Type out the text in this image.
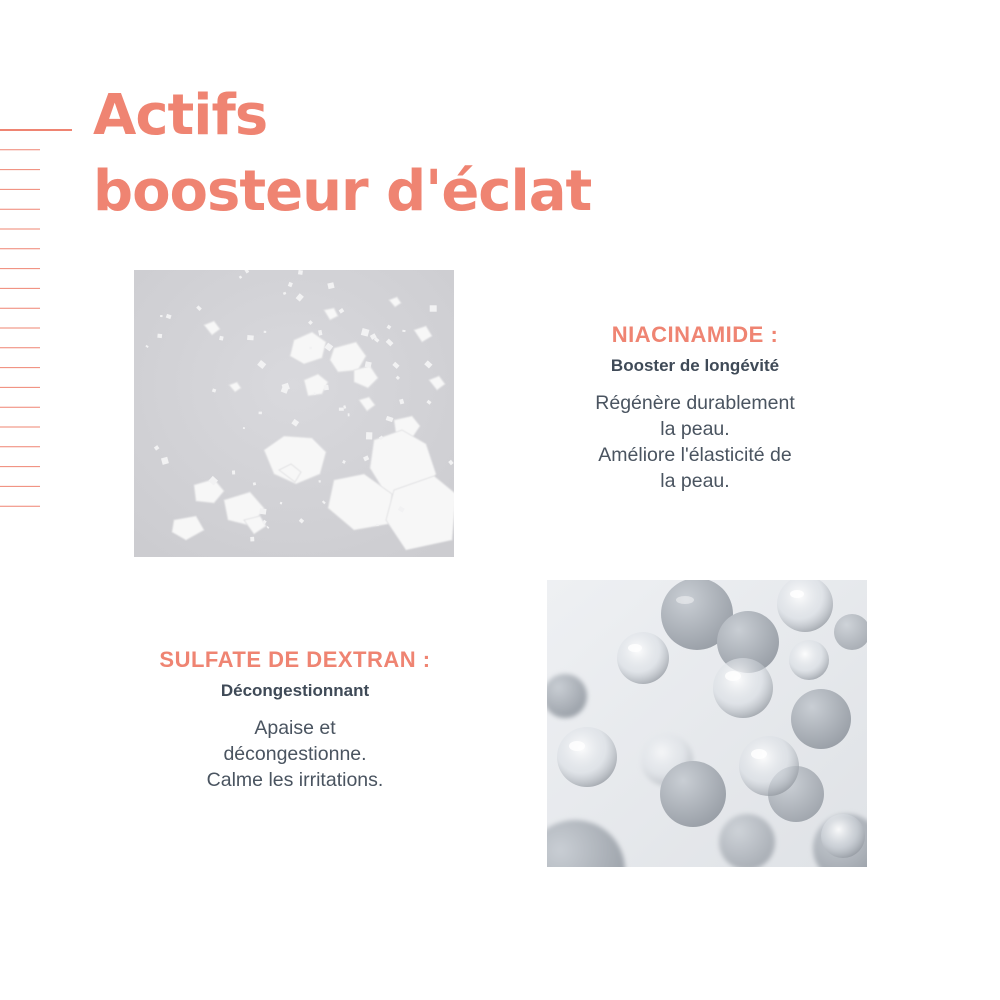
Actifs
boosteur d'éclat
NIACINAMIDE :
Booster de longévité
Régénère durablement
la peau.
Améliore l'élasticité de
la peau.
SULFATE DE DEXTRAN :
Décongestionnant
Apaise et
décongestionne.
Calme les irritations.
